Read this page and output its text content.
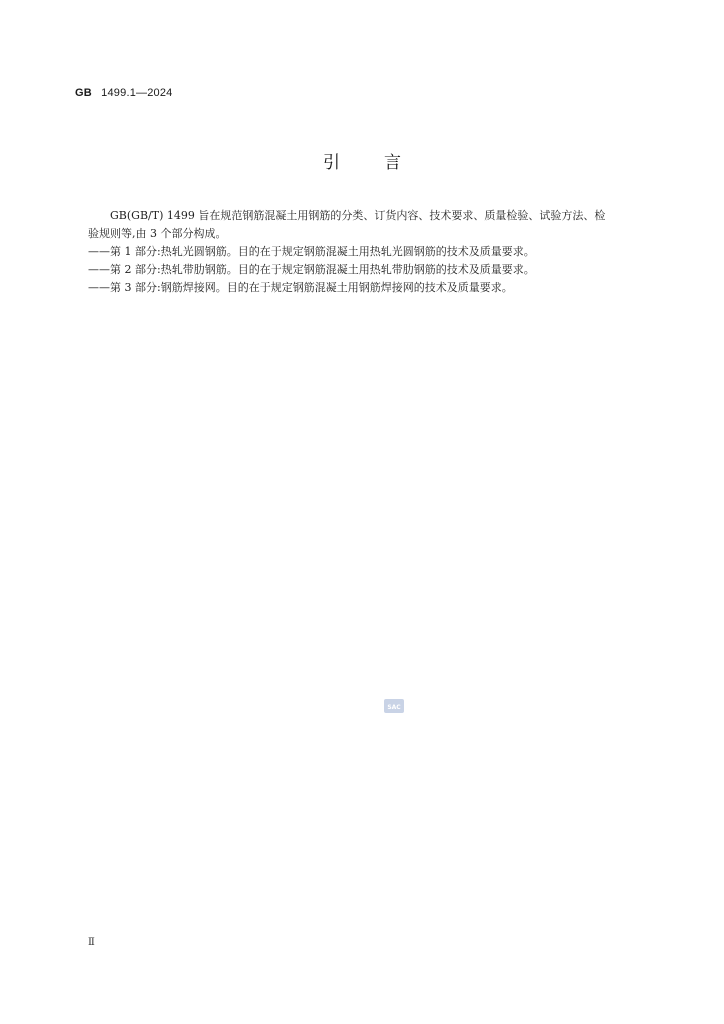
GB 1499.1—2024
引言

GB(GB/T) 1499 旨在规范钢筋混凝土用钢筋的分类、订货内容、技术要求、质量检验、试验方法、检

验规则等,由 3 个部分构成。

——第 1 部分:热轧光圆钢筋。目的在于规定钢筋混凝土用热轧光圆钢筋的技术及质量要求。

——第 2 部分:热轧带肋钢筋。目的在于规定钢筋混凝土用热轧带肋钢筋的技术及质量要求。

——第 3 部分:钢筋焊接网。目的在于规定钢筋混凝土用钢筋焊接网的技术及质量要求。

SAC
Ⅱ
